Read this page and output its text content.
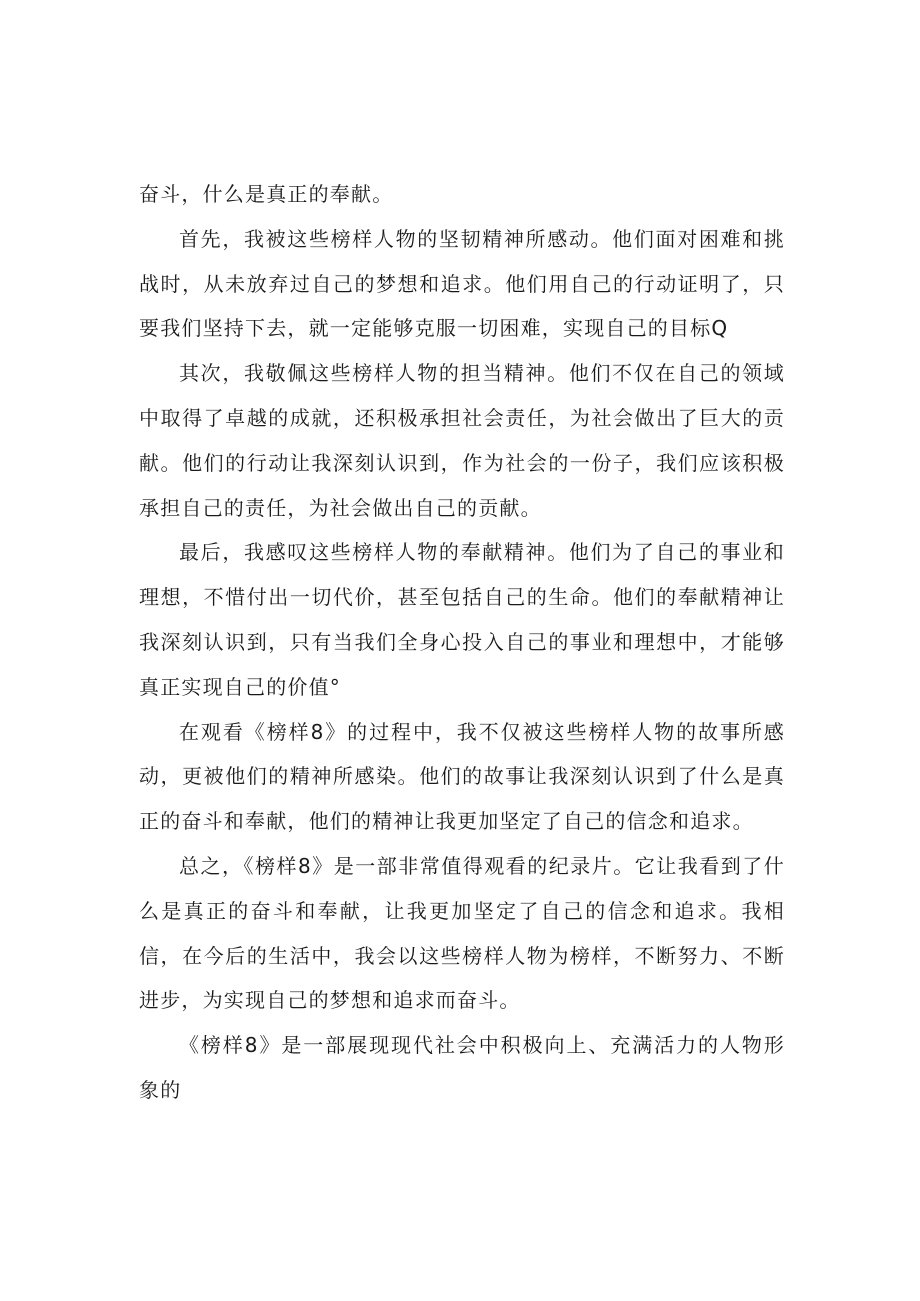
奋斗，什么是真正的奉献。

首先，我被这些榜样人物的坚韧精神所感动。他们面对困难和挑战时，从未放弃过自己的梦想和追求。他们用自己的行动证明了，只要我们坚持下去，就一定能够克服一切困难，实现自己的目标Q

其次，我敬佩这些榜样人物的担当精神。他们不仅在自己的领域中取得了卓越的成就，还积极承担社会责任，为社会做出了巨大的贡献。他们的行动让我深刻认识到，作为社会的一份子，我们应该积极承担自己的责任，为社会做出自己的贡献。

最后，我感叹这些榜样人物的奉献精神。他们为了自己的事业和理想，不惜付出一切代价，甚至包括自己的生命。他们的奉献精神让我深刻认识到，只有当我们全身心投入自己的事业和理想中，才能够真正实现自己的价值°

在观看《榜样8》的过程中，我不仅被这些榜样人物的故事所感动，更被他们的精神所感染。他们的故事让我深刻认识到了什么是真正的奋斗和奉献，他们的精神让我更加坚定了自己的信念和追求。

总之，《榜样8》是一部非常值得观看的纪录片。它让我看到了什么是真正的奋斗和奉献，让我更加坚定了自己的信念和追求。我相信，在今后的生活中，我会以这些榜样人物为榜样，不断努力、不断进步，为实现自己的梦想和追求而奋斗。

《榜样8》是一部展现现代社会中积极向上、充满活力的人物形象的
